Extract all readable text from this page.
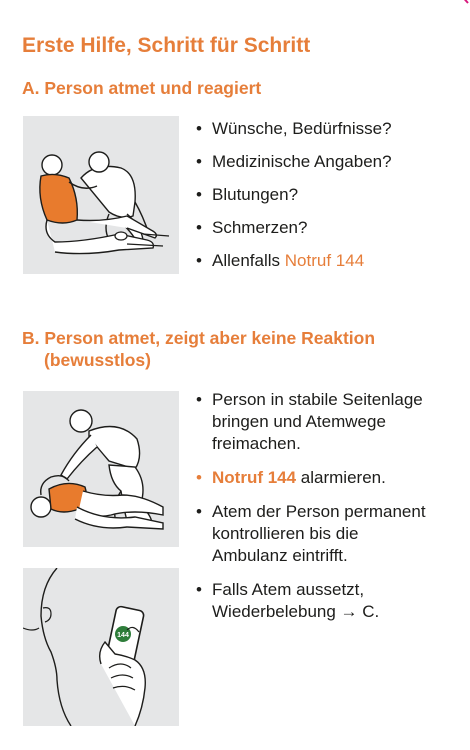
Erste Hilfe, Schritt für Schritt
A. Person atmet und reagiert
• Wünsche, Bedürfnisse?
• Medizinische Angaben?
• Blutungen?
• Schmerzen?
• Allenfalls Notruf 144
B. Person atmet, zeigt aber keine Reaktion
(bewusstlos)
144
• Person in stabile Seitenlage bringen und Atemwege freimachen.
• Notruf 144 alarmieren.
• Atem der Person permanent kontrollieren bis die Ambulanz eintrifft.
• Falls Atem aussetzt, Wiederbelebung → C.
